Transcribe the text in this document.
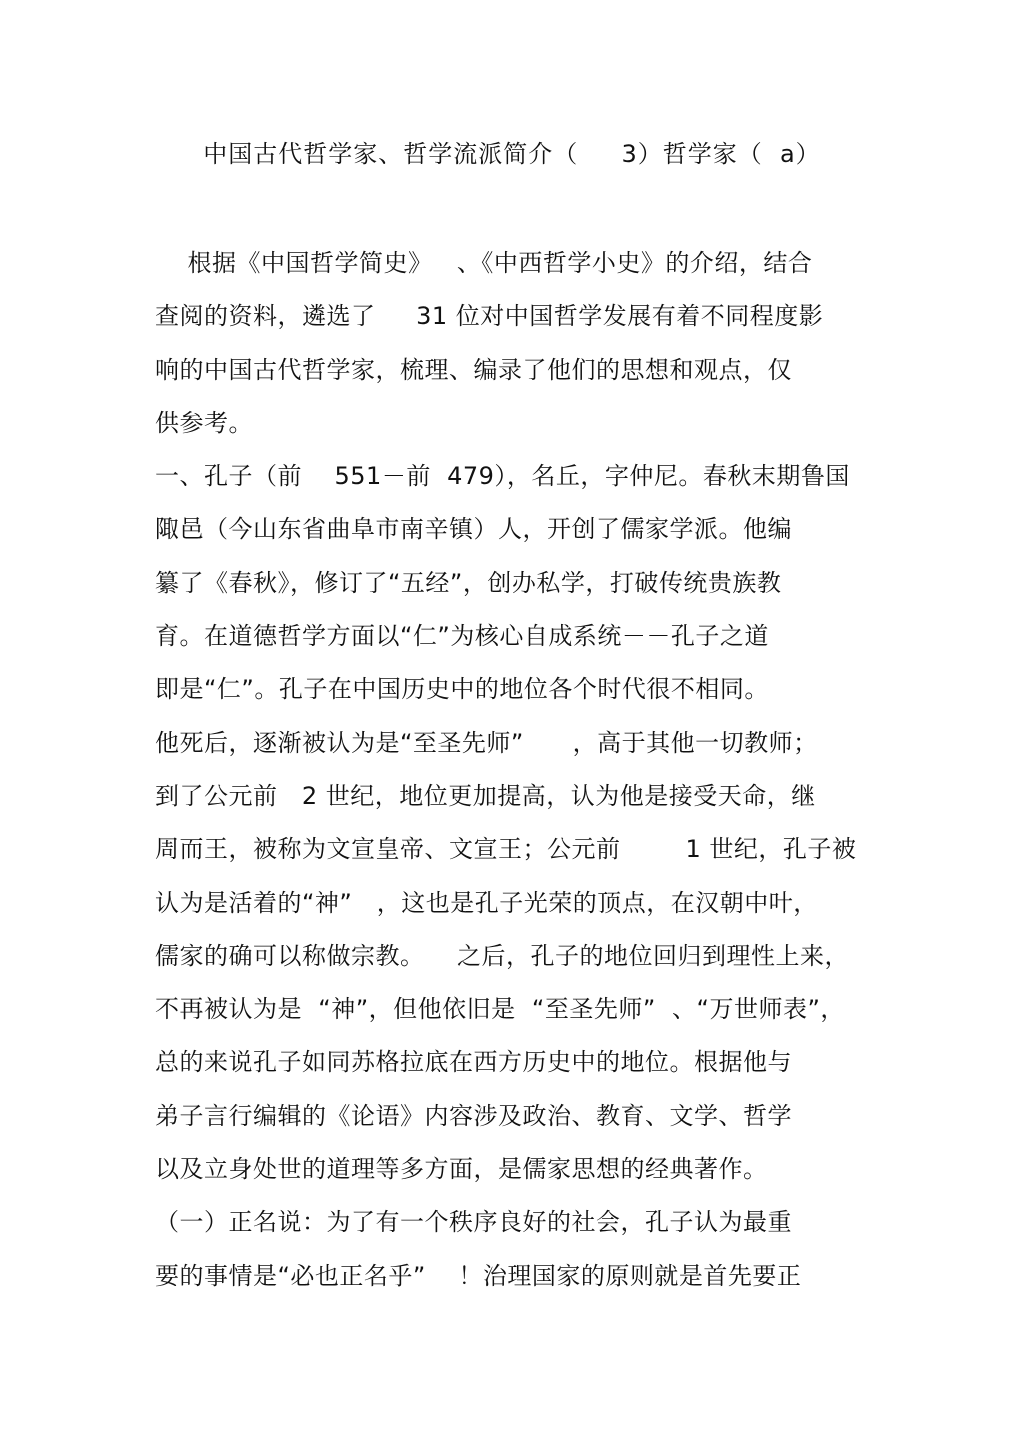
中国古代哲学家、哲学流派简介（     3）哲学家（  a）
根据《中国哲学简史》   、《中西哲学小史》的介绍，结合
查阅的资料，遴选了     31 位对中国哲学发展有着不同程度影
响的中国古代哲学家，梳理、编录了他们的思想和观点，仅
供参考。
一、孔子（前    551－前  479），名丘，字仲尼。春秋末期鲁国
陬邑（今山东省曲阜市南辛镇）人，开创了儒家学派。他编
纂了《春秋》，修订了“五经”，创办私学，打破传统贵族教
育。在道德哲学方面以“仁”为核心自成系统－－孔子之道
即是“仁”。孔子在中国历史中的地位各个时代很不相同。
他死后，逐渐被认为是“至圣先师”      ，高于其他一切教师；
到了公元前   2 世纪，地位更加提高，认为他是接受天命，继
周而王，被称为文宣皇帝、文宣王；公元前        1 世纪，孔子被
认为是活着的“神”   ，这也是孔子光荣的顶点，在汉朝中叶，
儒家的确可以称做宗教。    之后，孔子的地位回归到理性上来，
不再被认为是  “神”，但他依旧是  “至圣先师”  、“万世师表”，
总的来说孔子如同苏格拉底在西方历史中的地位。根据他与
弟子言行编辑的《论语》内容涉及政治、教育、文学、哲学
以及立身处世的道理等多方面，是儒家思想的经典著作。
（一）正名说：为了有一个秩序良好的社会，孔子认为最重
要的事情是“必也正名乎”    ！治理国家的原则就是首先要正
